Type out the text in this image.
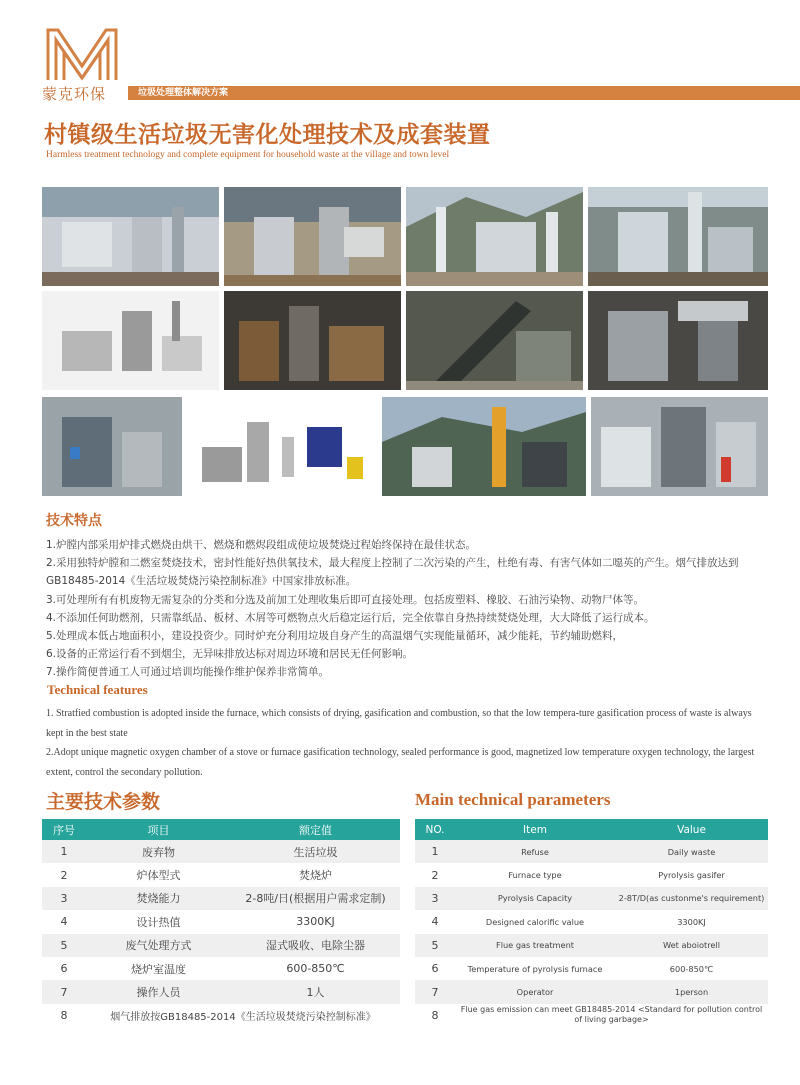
蒙克环保	垃圾处理整体解决方案
村镇级生活垃圾无害化处理技术及成套装置
Harmless treatment technology and complete equipment for household waste at the village and town level
技术特点

1.炉膛内部采用炉排式燃烧由烘干、燃烧和燃烬段组成使垃圾焚烧过程始终保持在最佳状态。

2.采用独特炉膛和二燃室焚烧技术，密封性能好热供氧技术，最大程度上控制了二次污染的产生，杜绝有毒、有害气体如二噁英的产生。烟气排放达到GB18485-2014《生活垃圾焚烧污染控制标准》中国家排放标准。

3.可处理所有有机废物无需复杂的分类和分选及前加工处理收集后即可直接处理。包括废塑料、橡胶、石油污染物、动物尸体等。

4.不添加任何助燃剂，只需靠纸品、板材、木屑等可燃物点火后稳定运行后，完全依靠自身热持续焚烧处理，大大降低了运行成本。

5.处理成本低占地面积小，建设投资少。同时炉充分利用垃圾自身产生的高温烟气实现能量循环，减少能耗，节约辅助燃料，

6.设备的正常运行看不到烟尘，无异味排放达标对周边环境和居民无任何影响。

7.操作简便普通工人可通过培训均能操作维护保养非常简单。

Technical features

1. Stratfied combustion is adopted inside the furnace, which consists of drying, gasification and combustion, so that the low tempera-ture gasification process of waste is always kept in the best state

2.Adopt unique magnetic oxygen chamber of a stove or furnace gasification technology, sealed performance is good, magnetized low temperature oxygen technology, the largest extent, control the secondary pollution.

主要技术参数	Main technical parameters
序号	项目	额定值
1	废弃物	生活垃圾
2	炉体型式	焚烧炉
3	焚烧能力	2-8吨/日(根据用户需求定制)
4	设计热值	3300KJ
5	废气处理方式	湿式吸收、电除尘器
6	烧炉室温度	600-850℃
7	操作人员	1人
8	烟气排放按GB18485-2014《生活垃圾焚烧污染控制标准》	
NO.	Item	Value
1	Refuse	Daily waste
2	Furnace type	Pyrolysis gasifer
3	Pyrolysis Capacity	2-8T/D(as custonme's requirement)
4	Designed calorific value	3300KJ
5	Flue gas treatment	Wet aboiotrell
6	Temperature of pyrolysis furnace	600-850℃
7	Operator	1person
8	Flue gas emission can meet GB18485-2014 <Standard for pollution control of living garbage>	
